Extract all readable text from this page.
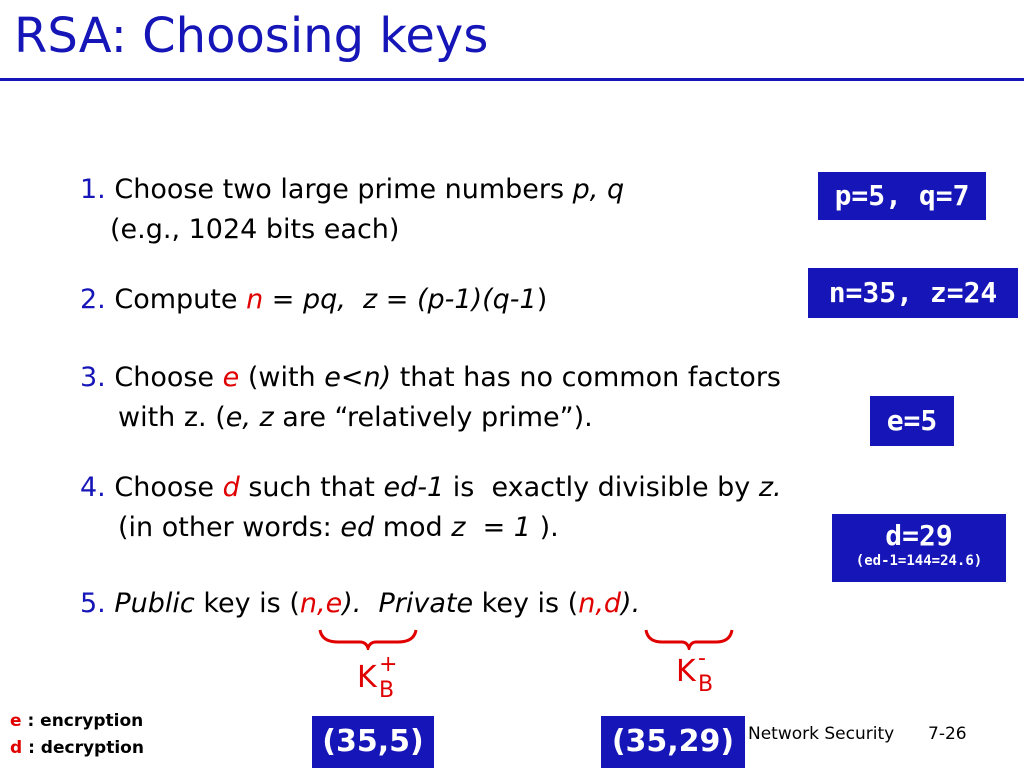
RSA: Choosing keys
1. Choose two large prime numbers p, q
(e.g., 1024 bits each)
2. Compute n = pq, z = (p-1)(q-1)
3. Choose e (with e<n) that has no common factors
with z. (e, z are “relatively prime”).
4. Choose d such that ed-1 is  exactly divisible by z.
(in other words: ed mod z  = 1 ).
5. Public key is (n,e).  Private key is (n,d).
p=5, q=7
n=35, z=24
e=5
d=29
(ed-1=144=24.6)
K +
B
K -
B
(35,5)	(35,29)
e : encryption
d : decryption
Network Security 7-26
